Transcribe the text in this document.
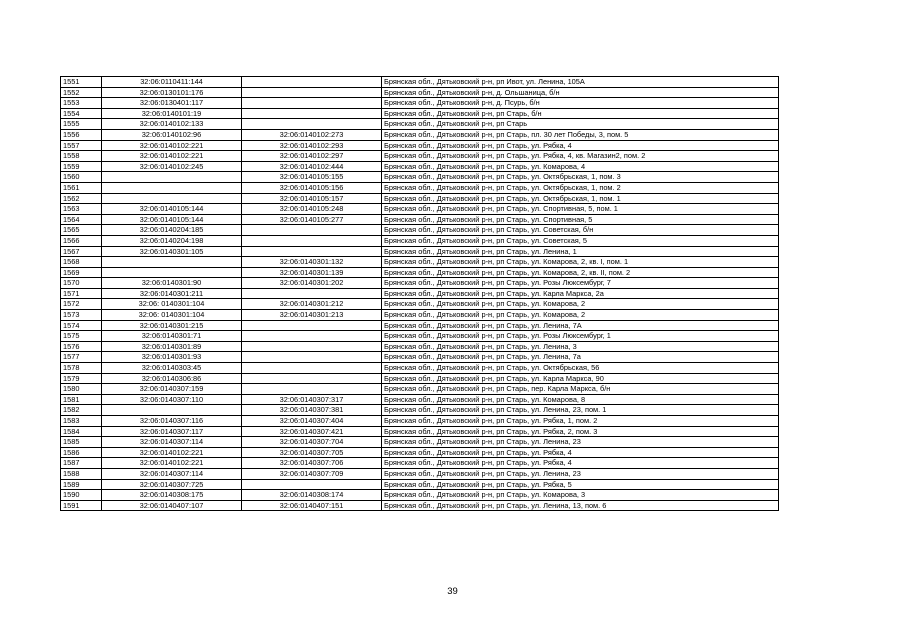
1551	32:06:0110411:144		Брянская обл., Дятьковский р-н, рп Ивот, ул. Ленина, 105А
1552	32:06:0130101:176		Брянская обл., Дятьковский р-н, д. Ольшаница, б/н
1553	32:06:0130401:117		Брянская обл., Дятьковский р-н, д. Псурь, б/н
1554	32:06:0140101:19		Брянская обл., Дятьковский р-н, рп Старь, б/н
1555	32:06:0140102:133		Брянская обл., Дятьковский р-н, рп Старь
1556	32:06:0140102:96	32:06:0140102:273	Брянская обл., Дятьковский р-н, рп Старь, пл. 30 лет Победы, 3, пом. 5
1557	32:06:0140102:221	32:06:0140102:293	Брянская обл., Дятьковский р-н, рп Старь, ул. Рябка, 4
1558	32:06:0140102:221	32:06:0140102:297	Брянская обл., Дятьковский р-н, рп Старь, ул. Рябка, 4, кв. Магазин2, пом. 2
1559	32:06:0140102:245	32:06:0140102:444	Брянская обл., Дятьковский р-н, рп Старь, ул. Комарова, 4
1560		32:06:0140105:155	Брянская обл., Дятьковский р-н, рп Старь, ул. Октябрьская, 1, пом. 3
1561		32:06:0140105:156	Брянская обл., Дятьковский р-н, рп Старь, ул. Октябрьская, 1, пом. 2
1562		32:06:0140105:157	Брянская обл., Дятьковский р-н, рп Старь, ул. Октябрьская, 1, пом. 1
1563	32:06:0140105:144	32:06:0140105:248	Брянская обл., Дятьковский р-н, рп Старь, ул. Спортивная, 5, пом. 1
1564	32:06:0140105:144	32:06:0140105:277	Брянская обл., Дятьковский р-н, рп Старь, ул. Спортивная, 5
1565	32:06:0140204:185		Брянская обл., Дятьковский р-н, рп Старь, ул. Советская, б/н
1566	32:06:0140204:198		Брянская обл., Дятьковский р-н, рп Старь, ул. Советская, 5
1567	32:06:0140301:105		Брянская обл., Дятьковский р-н, рп Старь, ул. Ленина, 1
1568		32:06:0140301:132	Брянская обл., Дятьковский р-н, рп Старь, ул. Комарова, 2, кв. I, пом. 1
1569		32:06:0140301:139	Брянская обл., Дятьковский р-н, рп Старь, ул. Комарова, 2, кв. II, пом. 2
1570	32:06:0140301:90	32:06:0140301:202	Брянская обл., Дятьковский р-н, рп Старь, ул. Розы Люксембург, 7
1571	32:06:0140301:211		Брянская обл., Дятьковский р-н, рп Старь, ул. Карла Маркса, 2а
1572	32:06: 0140301:104	32:06:0140301:212	Брянская обл., Дятьковский р-н, рп Старь, ул. Комарова, 2
1573	32:06: 0140301:104	32:06:0140301:213	Брянская обл., Дятьковский р-н, рп Старь, ул. Комарова, 2
1574	32:06:0140301:215		Брянская обл., Дятьковский р-н, рп Старь, ул. Ленина, 7А
1575	32:06:0140301:71		Брянская обл., Дятьковский р-н, рп Старь, ул. Розы Люксембург, 1
1576	32:06:0140301:89		Брянская обл., Дятьковский р-н, рп Старь, ул. Ленина, 3
1577	32:06:0140301:93		Брянская обл., Дятьковский р-н, рп Старь, ул. Ленина, 7а
1578	32:06:0140303:45		Брянская обл., Дятьковский р-н, рп Старь, ул. Октябрьская, 56
1579	32:06:0140306:86		Брянская обл., Дятьковский р-н, рп Старь, ул. Карла Маркса, 90
1580	32:06:0140307:159		Брянская обл., Дятьковский р-н, рп Старь, пер. Карла Маркса, б/н
1581	32:06:0140307:110	32:06:0140307:317	Брянская обл., Дятьковский р-н, рп Старь, ул. Комарова, 8
1582		32:06:0140307:381	Брянская обл., Дятьковский р-н, рп Старь, ул. Ленина, 23, пом. 1
1583	32:06:0140307:116	32:06:0140307:404	Брянская обл., Дятьковский р-н, рп Старь, ул. Рябка, 1, пом. 2
1584	32:06:0140307:117	32:06:0140307:421	Брянская обл., Дятьковский р-н, рп Старь, ул. Рябка, 2, пом. 3
1585	32:06:0140307:114	32:06:0140307:704	Брянская обл., Дятьковский р-н, рп Старь, ул. Ленина, 23
1586	32:06:0140102:221	32:06:0140307:705	Брянская обл., Дятьковский р-н, рп Старь, ул. Рябка, 4
1587	32:06:0140102:221	32:06:0140307:706	Брянская обл., Дятьковский р-н, рп Старь, ул. Рябка, 4
1588	32:06:0140307:114	32:06:0140307:709	Брянская обл., Дятьковский р-н, рп Старь, ул. Ленина, 23
1589	32:06:0140307:725		Брянская обл., Дятьковский р-н, рп Старь, ул. Рябка, 5
1590	32:06:0140308:175	32:06:0140308:174	Брянская обл., Дятьковский р-н, рп Старь, ул. Комарова, 3
1591	32:06:0140407:107	32:06:0140407:151	Брянская обл., Дятьковский р-н, рп Старь, ул. Ленина, 13, пом. 6
39
